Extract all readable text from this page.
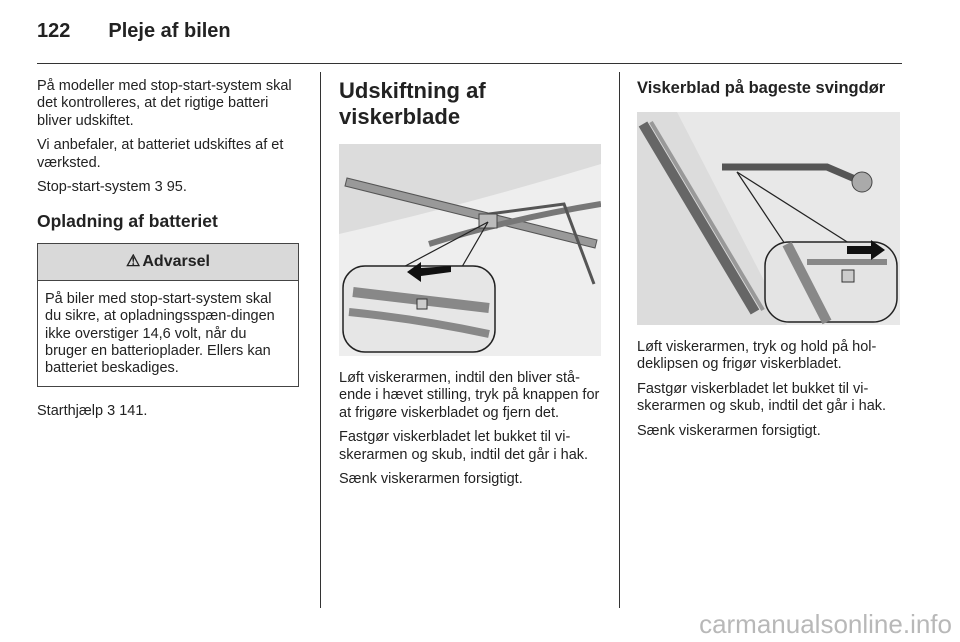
122 Pleje af bilen

På modeller med stop-start-system skal det kontrolleres, at det rigtige batteri bliver udskiftet.

Vi anbefaler, at batteriet udskiftes af et værksted.

Stop-start-system 3 95.

Opladning af batteriet
⚠ Advarsel
På biler med stop-start-system skal du sikre, at opladningsspæn-dingen ikke overstiger 14,6 volt, når du bruger en batterioplader. Ellers kan batteriet beskadiges.

Starthjælp 3 141.

Udskiftning af viskerblade

Løft viskerarmen, indtil den bliver stå-ende i hævet stilling, tryk på knappen for at frigøre viskerbladet og fjern det.

Fastgør viskerbladet let bukket til vi-skerarmen og skub, indtil det går i hak.

Sænk viskerarmen forsigtigt.

Viskerblad på bageste svingdør

Løft viskerarmen, tryk og hold på hol-deklipsen og frigør viskerbladet.

Fastgør viskerbladet let bukket til vi-skerarmen og skub, indtil det går i hak.

Sænk viskerarmen forsigtigt.

carmanualsonline.info
